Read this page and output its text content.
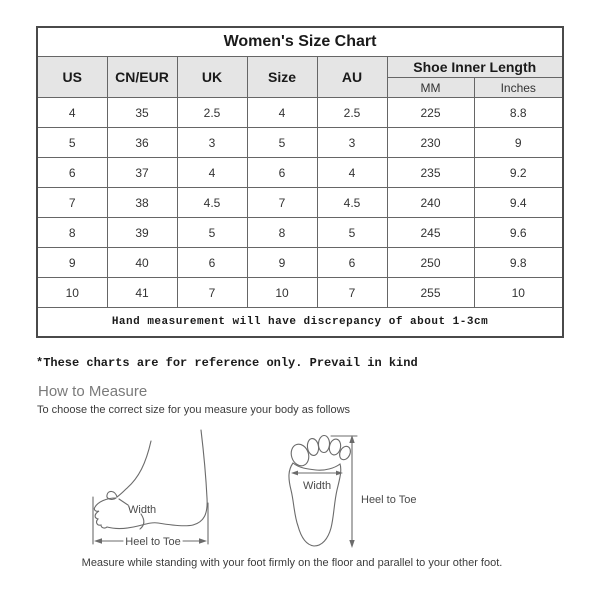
Women's Size Chart						
US	CN/EUR	UK	Size	AU	Shoe Inner Length	
					MM	Inches
4	35	2.5	4	2.5	225	8.8
5	36	3	5	3	230	9
6	37	4	6	4	235	9.2
7	38	4.5	7	4.5	240	9.4
8	39	5	8	5	245	9.6
9	40	6	9	6	250	9.8
10	41	7	10	7	255	10
Hand measurement will have discrepancy of about 1-3cm						
*These charts are for reference only. Prevail in kind
How to Measure
To choose the correct size for you measure your body as follows
Width
Heel to Toe
Width
Heel to Toe
Measure while standing with your foot firmly on the floor and parallel to your other foot.
